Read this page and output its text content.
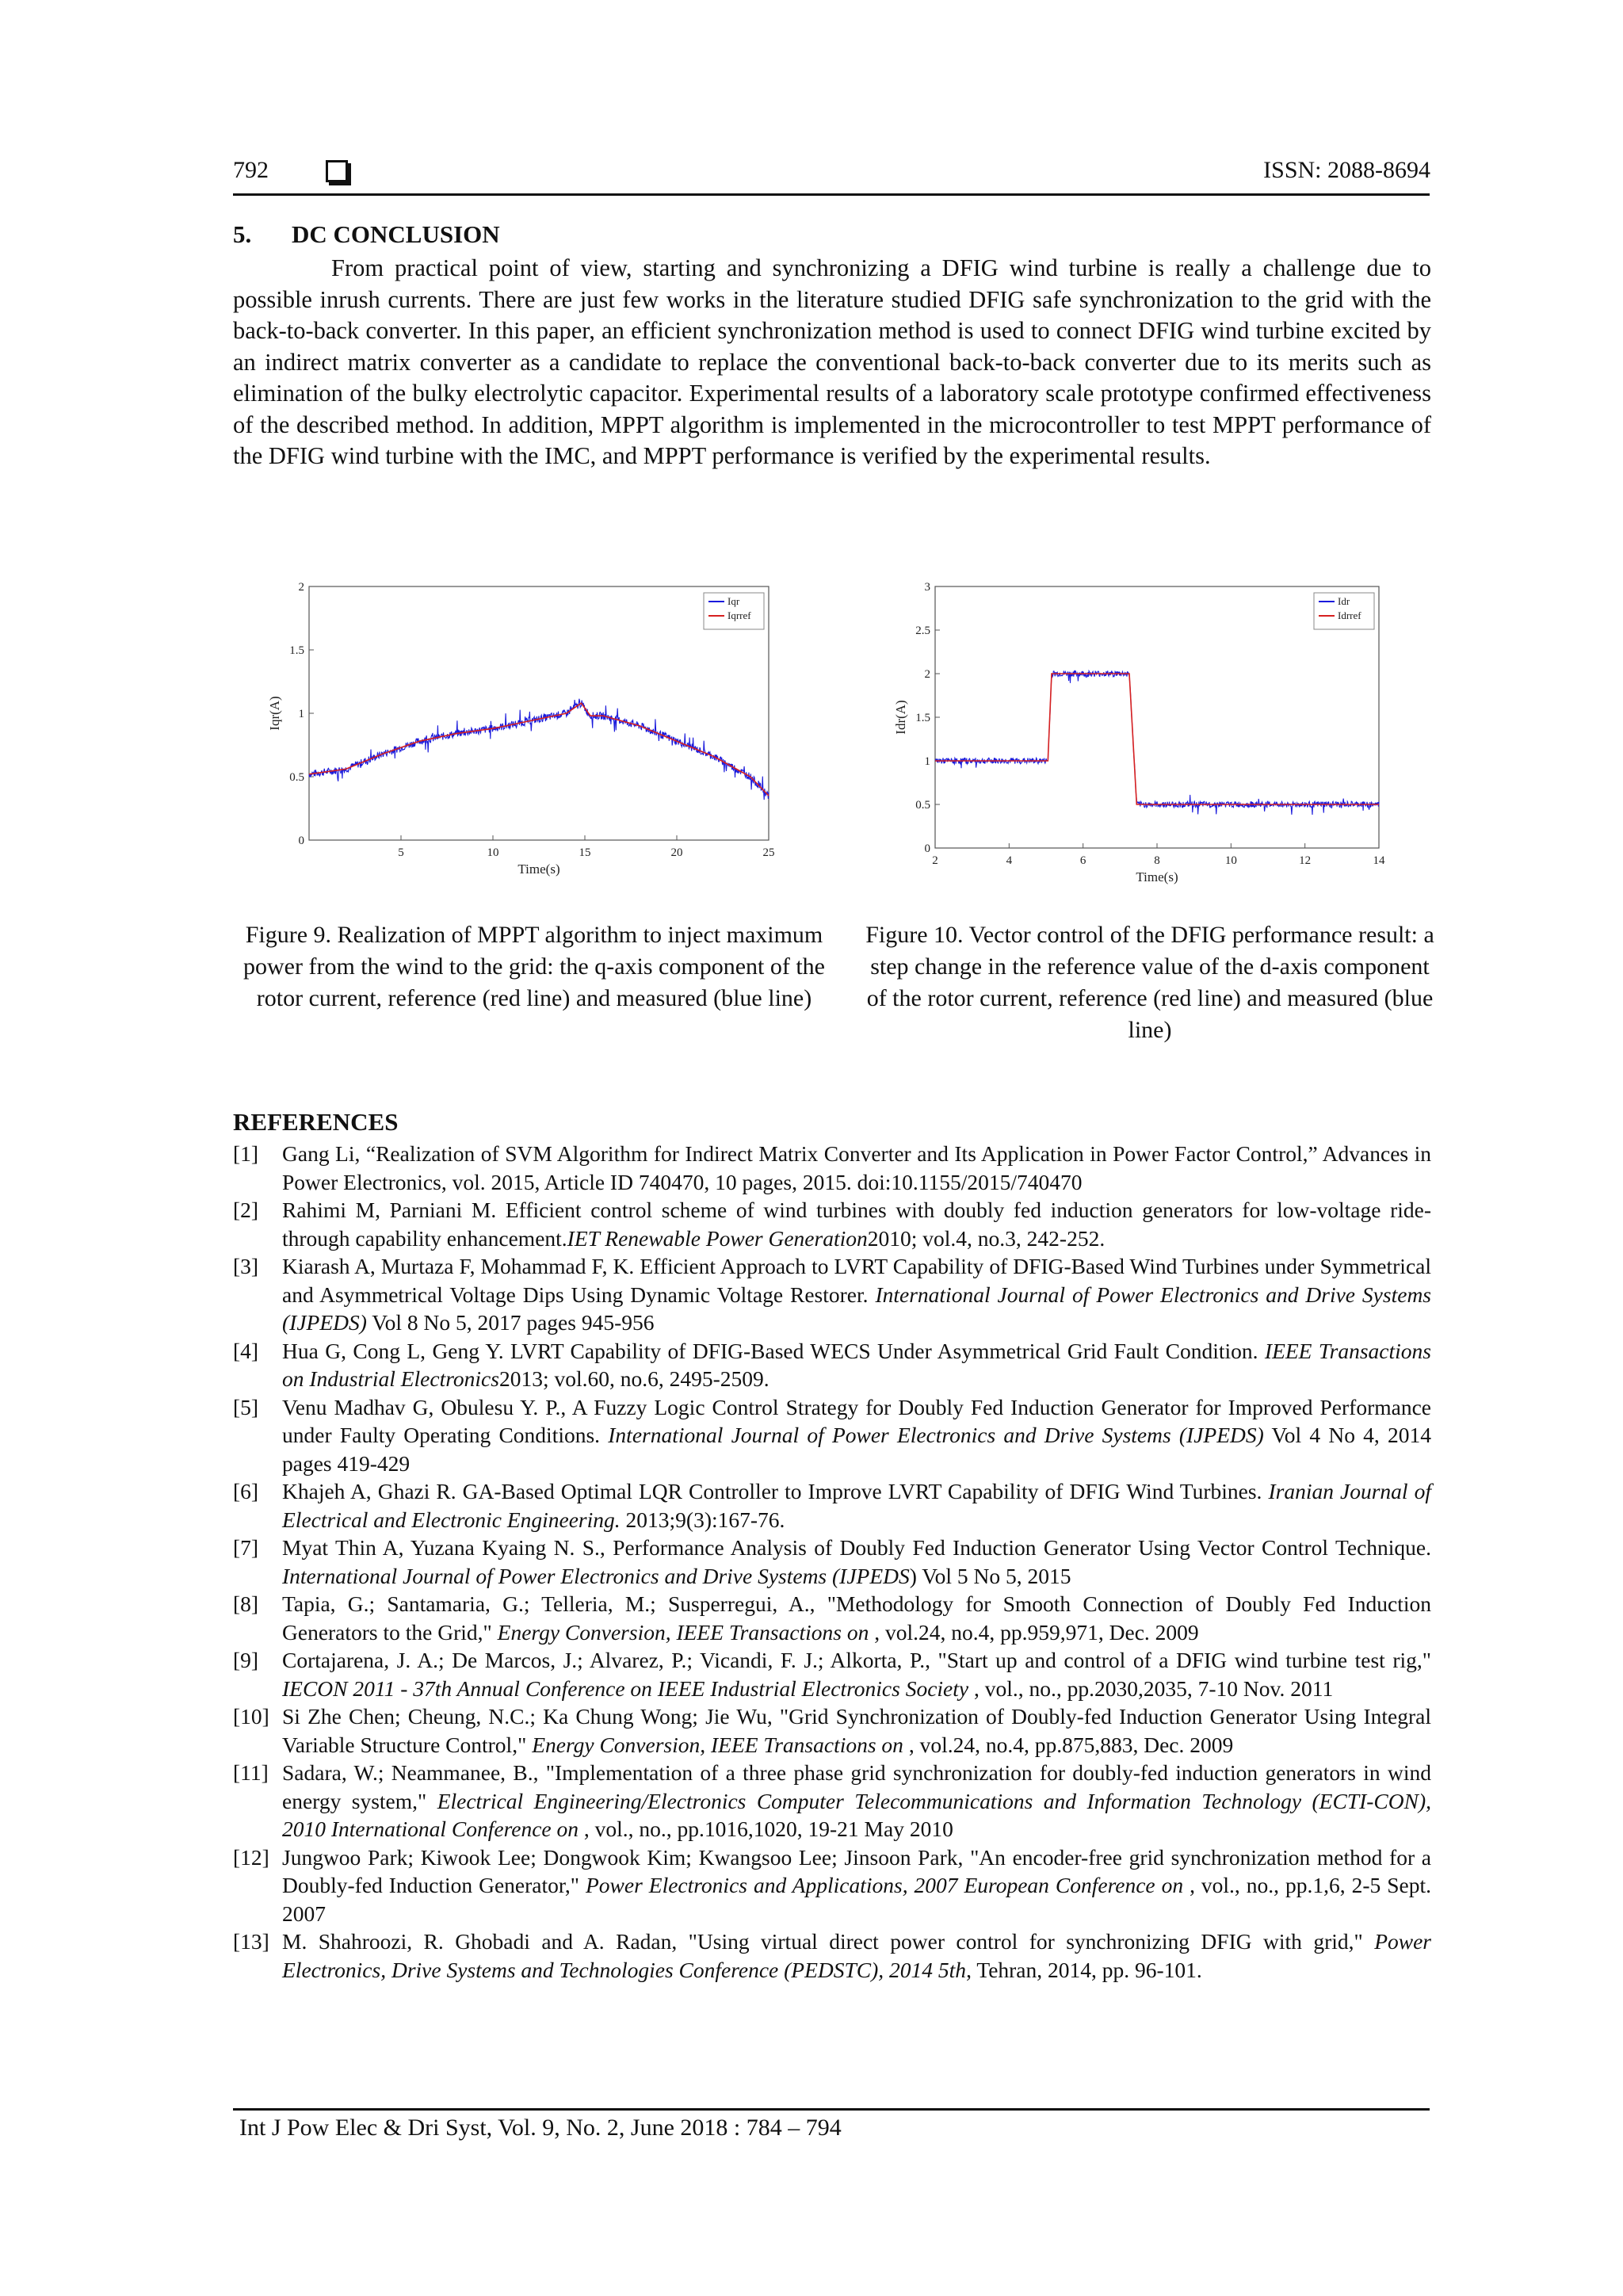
792	ISSN: 2088-8694
5. DC CONCLUSION

From practical point of view, starting and synchronizing a DFIG wind turbine is really a challenge due to possible inrush currents. There are just few works in the literature studied DFIG safe synchronization to the grid with the back-to-back converter. In this paper, an efficient synchronization method is used to connect DFIG wind turbine excited by an indirect matrix converter as a candidate to replace the conventional back-to-back converter due to its merits such as elimination of the bulky electrolytic capacitor. Experimental results of a laboratory scale prototype confirmed effectiveness of the described method. In addition, MPPT algorithm is implemented in the microcontroller to test MPPT performance of the DFIG wind turbine with the IMC, and MPPT performance is verified by the experimental results.

5	10	15	20	25
0
0.5
1
1.5
2
Time(s)
Iqr(A)
Iqr
Iqrref
Figure 9. Realization of MPPT algorithm to inject maximum power from the wind to the grid: the q-axis component of the rotor current, reference (red line) and measured (blue line)
2	4	6	8	10	12	14
0
0.5
1
1.5
2
2.5
3
Time(s)
Idr(A)
Idr
Idrref
Figure 10. Vector control of the DFIG performance result: a step change in the reference value of the d-axis component of the rotor current, reference (red line) and measured (blue line)
REFERENCES
[1] Gang Li, “Realization of SVM Algorithm for Indirect Matrix Converter and Its Application in Power Factor Control,” Advances in Power Electronics, vol. 2015, Article ID 740470, 10 pages, 2015. doi:10.1155/2015/740470
[2] Rahimi M, Parniani M. Efficient control scheme of wind turbines with doubly fed induction generators for low-voltage ride-through capability enhancement.IET Renewable Power Generation2010; vol.4, no.3, 242-252.
[3] Kiarash A, Murtaza F, Mohammad F, K. Efficient Approach to LVRT Capability of DFIG-Based Wind Turbines under Symmetrical and Asymmetrical Voltage Dips Using Dynamic Voltage Restorer. International Journal of Power Electronics and Drive Systems (IJPEDS) Vol 8 No 5, 2017 pages 945-956
[4] Hua G, Cong L, Geng Y. LVRT Capability of DFIG-Based WECS Under Asymmetrical Grid Fault Condition. IEEE Transactions on Industrial Electronics2013; vol.60, no.6, 2495-2509.
[5] Venu Madhav G, Obulesu Y. P., A Fuzzy Logic Control Strategy for Doubly Fed Induction Generator for Improved Performance under Faulty Operating Conditions. International Journal of Power Electronics and Drive Systems (IJPEDS) Vol 4 No 4, 2014 pages 419-429
[6] Khajeh A, Ghazi R. GA-Based Optimal LQR Controller to Improve LVRT Capability of DFIG Wind Turbines. Iranian Journal of Electrical and Electronic Engineering. 2013;9(3):167-76.
[7] Myat Thin A, Yuzana Kyaing N. S., Performance Analysis of Doubly Fed Induction Generator Using Vector Control Technique. International Journal of Power Electronics and Drive Systems (IJPEDS) Vol 5 No 5, 2015
[8] Tapia, G.; Santamaria, G.; Telleria, M.; Susperregui, A., "Methodology for Smooth Connection of Doubly Fed Induction Generators to the Grid," Energy Conversion, IEEE Transactions on , vol.24, no.4, pp.959,971, Dec. 2009
[9] Cortajarena, J. A.; De Marcos, J.; Alvarez, P.; Vicandi, F. J.; Alkorta, P., "Start up and control of a DFIG wind turbine test rig," IECON 2011 - 37th Annual Conference on IEEE Industrial Electronics Society , vol., no., pp.2030,2035, 7-10 Nov. 2011
[10] Si Zhe Chen; Cheung, N.C.; Ka Chung Wong; Jie Wu, "Grid Synchronization of Doubly-fed Induction Generator Using Integral Variable Structure Control," Energy Conversion, IEEE Transactions on , vol.24, no.4, pp.875,883, Dec. 2009
[11] Sadara, W.; Neammanee, B., "Implementation of a three phase grid synchronization for doubly-fed induction generators in wind energy system," Electrical Engineering/Electronics Computer Telecommunications and Information Technology (ECTI-CON), 2010 International Conference on , vol., no., pp.1016,1020, 19-21 May 2010
[12] Jungwoo Park; Kiwook Lee; Dongwook Kim; Kwangsoo Lee; Jinsoon Park, "An encoder-free grid synchronization method for a Doubly-fed Induction Generator," Power Electronics and Applications, 2007 European Conference on , vol., no., pp.1,6, 2-5 Sept. 2007
[13] M. Shahroozi, R. Ghobadi and A. Radan, "Using virtual direct power control for synchronizing DFIG with grid," Power Electronics, Drive Systems and Technologies Conference (PEDSTC), 2014 5th, Tehran, 2014, pp. 96-101.
Int J Pow Elec & Dri Syst, Vol. 9, No. 2, June 2018 : 784 – 794
